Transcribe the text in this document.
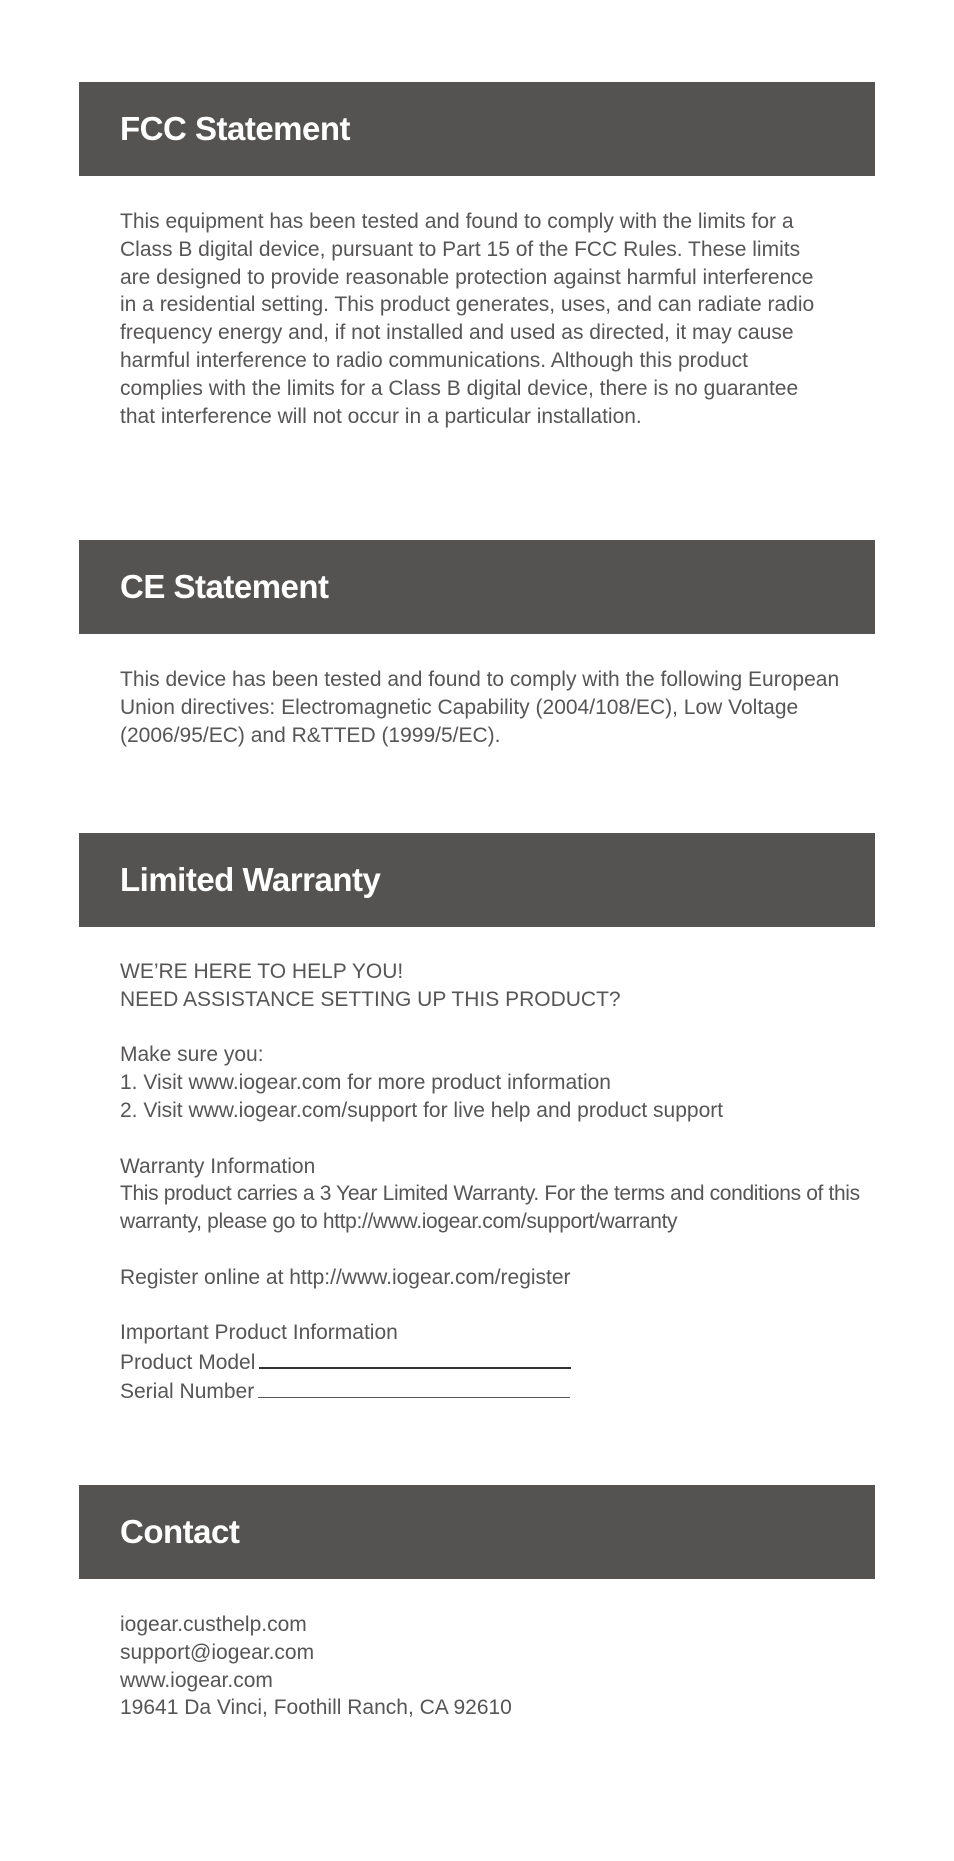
FCC Statement

This equipment has been tested and found to comply with the limits for a Class B digital device, pursuant to Part 15 of the FCC Rules. These limits are designed to provide reasonable protection against harmful interference in a residential setting. This product generates, uses, and can radiate radio frequency energy and, if not installed and used as directed, it may cause harmful interference to radio communications. Although this product complies with the limits for a Class B digital device, there is no guarantee that interference will not occur in a particular installation.

CE Statement

This device has been tested and found to comply with the following European Union directives: Electromagnetic Capability (2004/108/EC), Low Voltage (2006/95/EC) and R&TTED (1999/5/EC).

Limited Warranty

WE’RE HERE TO HELP YOU!

NEED ASSISTANCE SETTING UP THIS PRODUCT?

Make sure you:

1. Visit www.iogear.com for more product information

2. Visit www.iogear.com/support for live help and product support

Warranty Information

This product carries a 3 Year Limited Warranty. For the terms and conditions of this warranty, please go to http://www.iogear.com/support/warranty

Register online at http://www.iogear.com/register

Important Product Information

Product Model

Serial Number

Contact

iogear.custhelp.com

support@iogear.com

www.iogear.com

19641 Da Vinci, Foothill Ranch, CA 92610
